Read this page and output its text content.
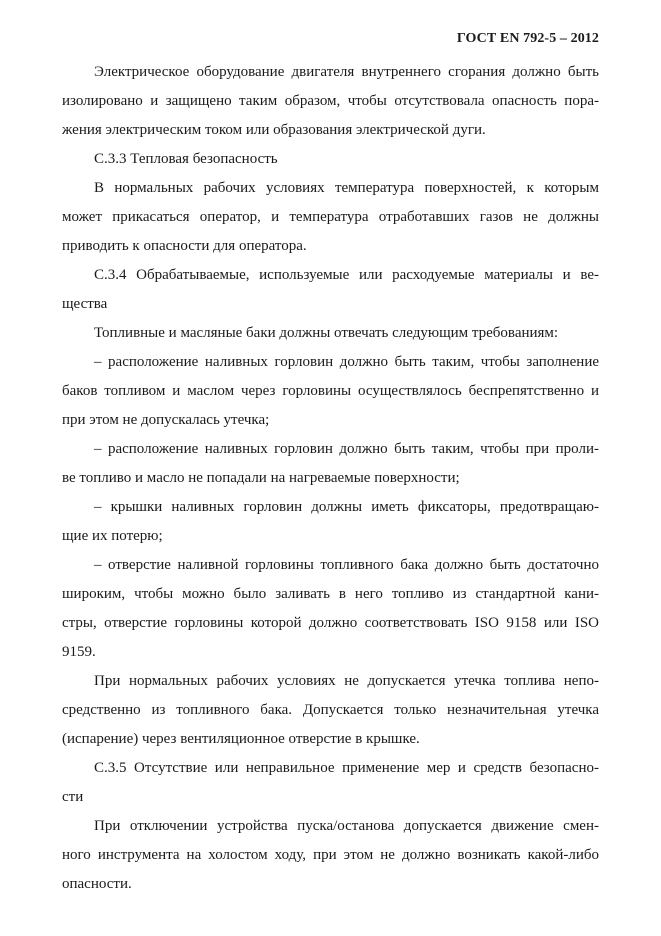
ГОСТ EN 792-5 – 2012
Электрическое оборудование двигателя внутреннего сгорания должно быть
изолировано и защищено таким образом, чтобы отсутствовала опасность пора-
жения электрическим током или образования электрической дуги.
С.3.3 Тепловая безопасность
В нормальных рабочих условиях температура поверхностей, к которым
может прикасаться оператор, и температура отработавших газов не должны
приводить к опасности для оператора.
С.3.4 Обрабатываемые, используемые или расходуемые материалы и ве-
щества
Топливные и масляные баки должны отвечать следующим требованиям:
– расположение наливных горловин должно быть таким, чтобы заполнение
баков топливом и маслом через горловины осуществлялось беспрепятственно и
при этом не допускалась утечка;
– расположение наливных горловин должно быть таким, чтобы при проли-
ве топливо и масло не попадали на нагреваемые поверхности;
– крышки наливных горловин должны иметь фиксаторы, предотвращаю-
щие их потерю;
– отверстие наливной горловины топливного бака должно быть достаточно
широким, чтобы можно было заливать в него топливо из стандартной кани-
стры, отверстие горловины которой должно соответствовать ISO 9158 или ISO
9159.
При нормальных рабочих условиях не допускается утечка топлива непо-
средственно из топливного бака. Допускается только незначительная утечка
(испарение) через вентиляционное отверстие в крышке.
С.3.5 Отсутствие или неправильное применение мер и средств безопасно-
сти
При отключении устройства пуска/останова допускается движение смен-
ного инструмента на холостом ходу, при этом не должно возникать какой-либо
опасности.
